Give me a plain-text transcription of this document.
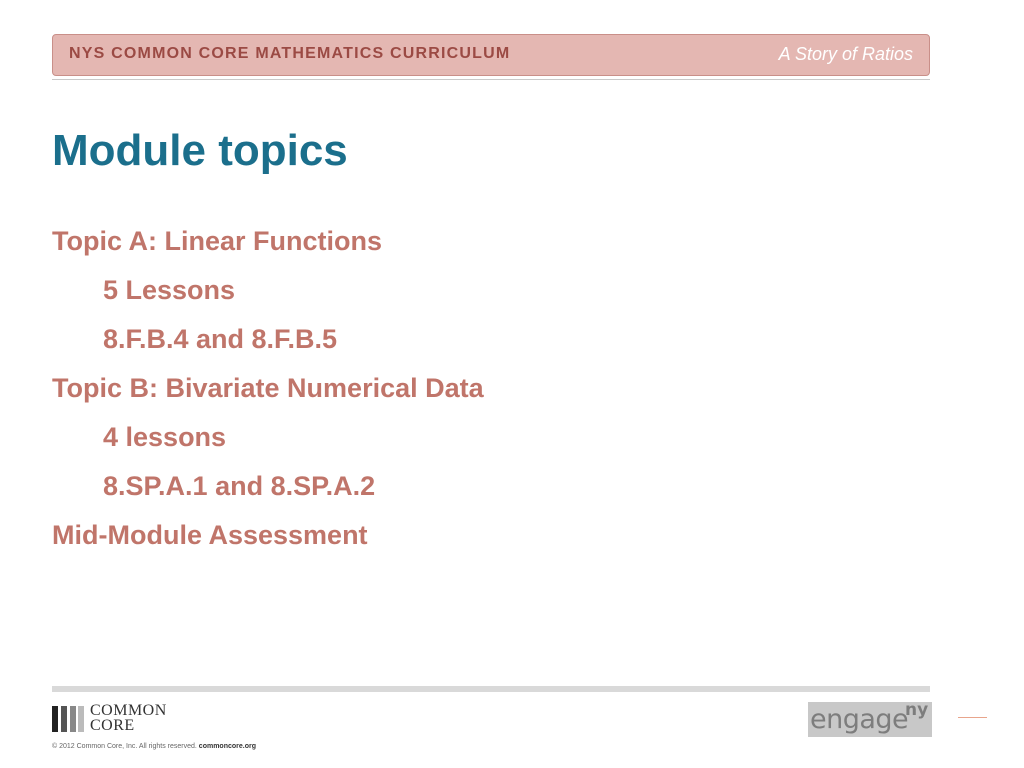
NYS COMMON CORE MATHEMATICS CURRICULUM	A Story of Ratios
Module topics
Topic A: Linear Functions
5 Lessons
8.F.B.4 and 8.F.B.5
Topic B: Bivariate Numerical Data
4 lessons
8.SP.A.1 and 8.SP.A.2
Mid-Module Assessment
COMMON
CORE
© 2012 Common Core, Inc. All rights reserved. commoncore.org
engage
ny
